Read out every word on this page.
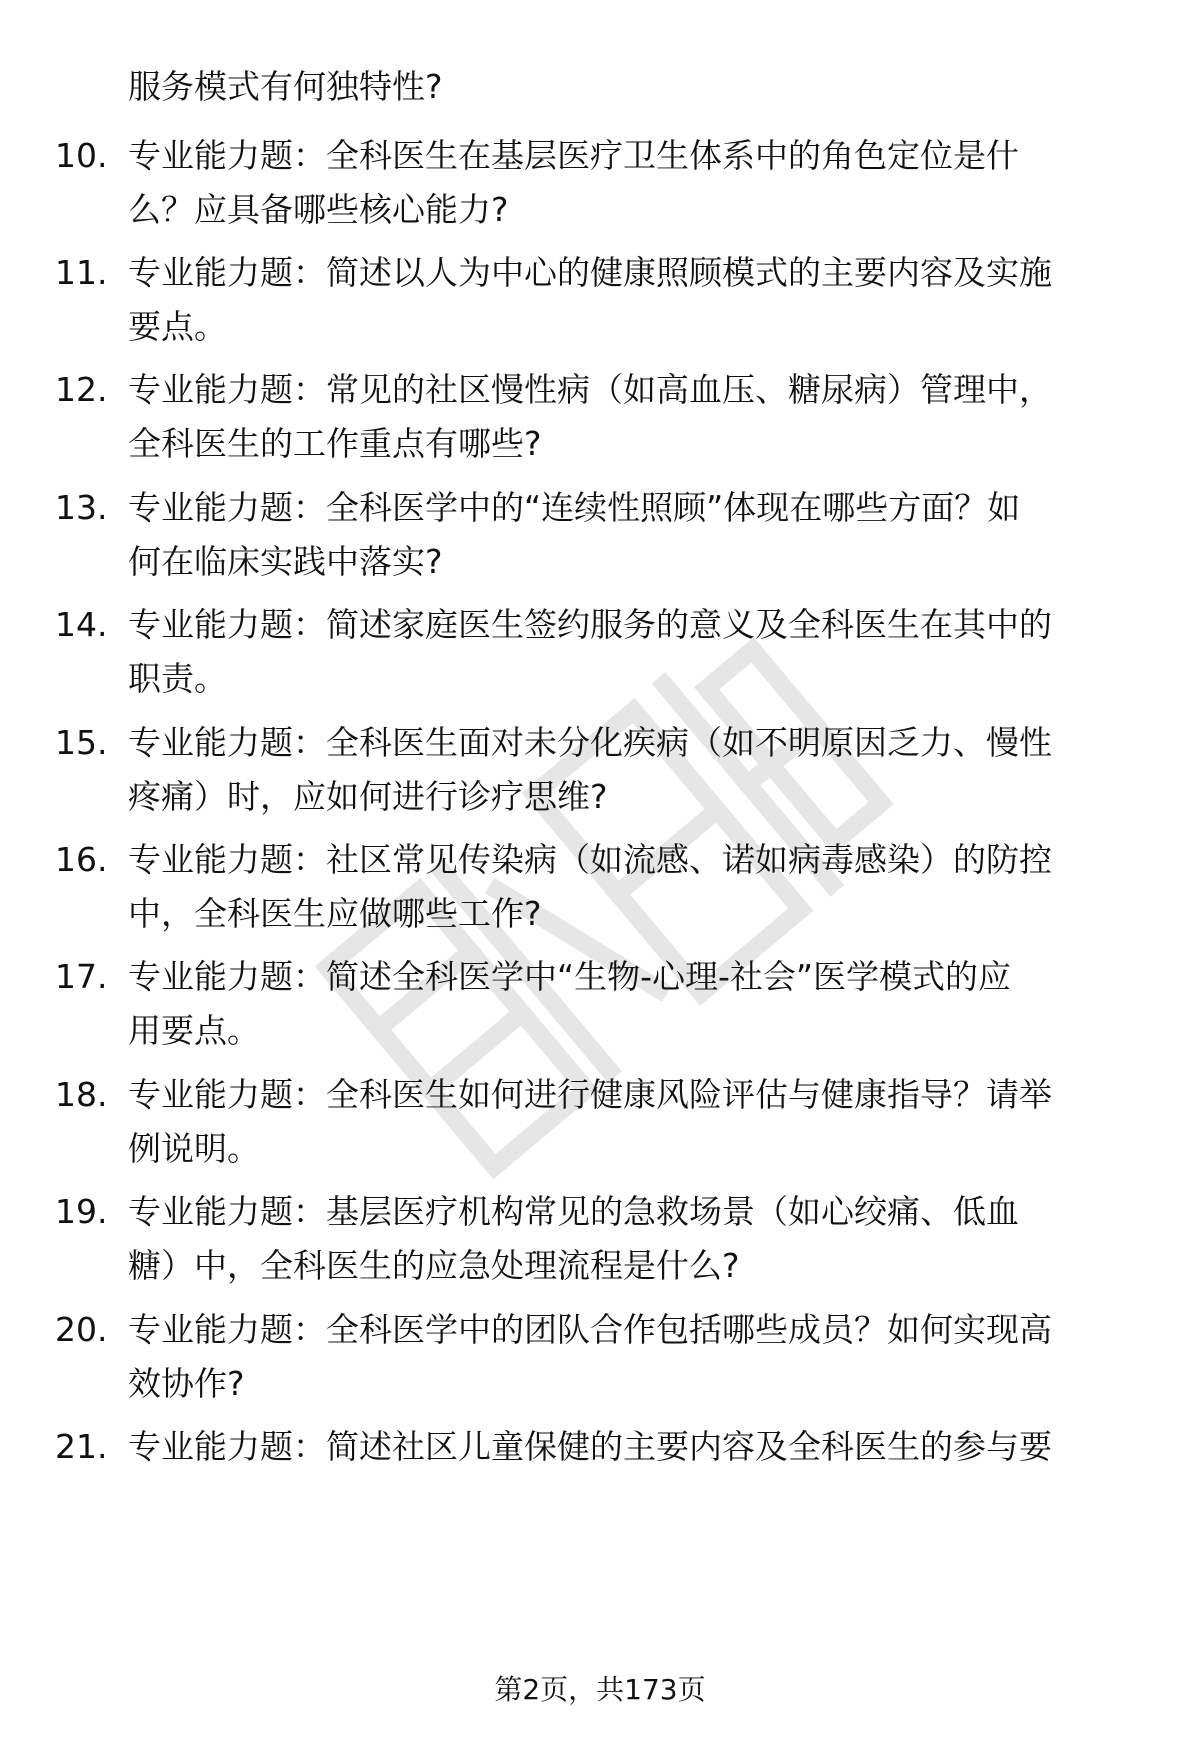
服务模式有何独特性?
10. 专业能力题：全科医生在基层医疗卫生体系中的角色定位是什
么？应具备哪些核心能力?
11. 专业能力题：简述以人为中心的健康照顾模式的主要内容及实施
要点。
12. 专业能力题：常见的社区慢性病（如高血压、糖尿病）管理中，
全科医生的工作重点有哪些?
13. 专业能力题：全科医学中的“连续性照顾”体现在哪些方面？如
何在临床实践中落实?
14. 专业能力题：简述家庭医生签约服务的意义及全科医生在其中的
职责。
15. 专业能力题：全科医生面对未分化疾病（如不明原因乏力、慢性
疼痛）时，应如何进行诊疗思维?
16. 专业能力题：社区常见传染病（如流感、诺如病毒感染）的防控
中，全科医生应做哪些工作?
17. 专业能力题：简述全科医学中“生物-心理-社会”医学模式的应
用要点。
18. 专业能力题：全科医生如何进行健康风险评估与健康指导？请举
例说明。
19. 专业能力题：基层医疗机构常见的急救场景（如心绞痛、低血
糖）中，全科医生的应急处理流程是什么?
20. 专业能力题：全科医学中的团队合作包括哪些成员？如何实现高
效协作?
21. 专业能力题：简述社区儿童保健的主要内容及全科医生的参与要
第2页，共173页
